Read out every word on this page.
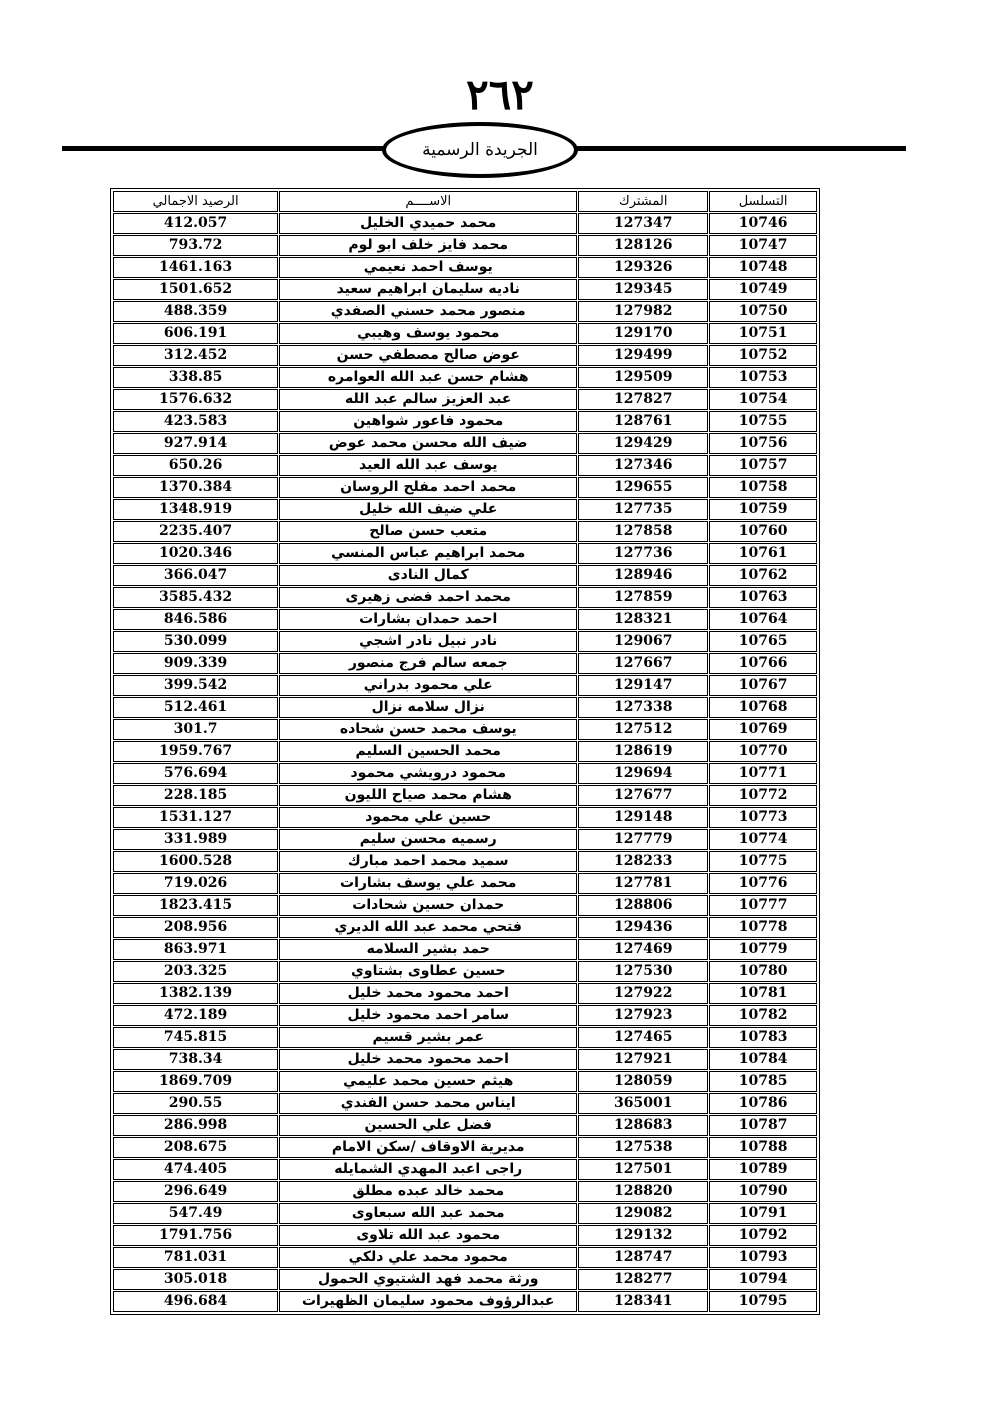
٢٦٢
الجريدة الرسمية
الرصيد الاجمالي	الاســــم	المشترك	التسلسل
412.057	محمد حميدي الخليل	127347	10746
793.72	محمد فايز خلف ابو لوم	128126	10747
1461.163	يوسف احمد نعيمي	129326	10748
1501.652	ناديه سليمان ابراهيم سعيد	129345	10749
488.359	منصور محمد حسني الصفدي	127982	10750
606.191	محمود يوسف وهيبي	129170	10751
312.452	عوض صالح مصطفي حسن	129499	10752
338.85	هشام حسن عبد الله العوامره	129509	10753
1576.632	عبد العزيز سالم عبد الله	127827	10754
423.583	محمود فاعور شواهين	128761	10755
927.914	ضيف الله محسن محمد عوض	129429	10756
650.26	يوسف عبد الله العيد	127346	10757
1370.384	محمد احمد مفلح الروسان	129655	10758
1348.919	علي ضيف الله خليل	127735	10759
2235.407	متعب حسن صالح	127858	10760
1020.346	محمد ابراهيم عباس المنسي	127736	10761
366.047	كمال النادى	128946	10762
3585.432	محمد احمد فضى زهيرى	127859	10763
846.586	احمد حمدان بشارات	128321	10764
530.099	نادر نبيل نادر اشجي	129067	10765
909.339	جمعه سالم فرج منصور	127667	10766
399.542	علي محمود بدراني	129147	10767
512.461	نزال سلامه نزال	127338	10768
301.7	يوسف محمد حسن شحاده	127512	10769
1959.767	محمد الحسين السليم	128619	10770
576.694	محمود درويشي محمود	129694	10771
228.185	هشام محمد صياح الليون	127677	10772
1531.127	حسين علي محمود	129148	10773
331.989	رسميه محسن سليم	127779	10774
1600.528	سميد محمد احمد مبارك	128233	10775
719.026	محمد علي يوسف بشارات	127781	10776
1823.415	حمدان حسين شحادات	128806	10777
208.956	فتحي محمد عبد الله الديري	129436	10778
863.971	حمد بشير السلامه	127469	10779
203.325	حسين عطاوى بشتاوي	127530	10780
1382.139	احمد محمود محمد خليل	127922	10781
472.189	سامر احمد محمود خليل	127923	10782
745.815	عمر بشير قسيم	127465	10783
738.34	احمد محمود محمد خليل	127921	10784
1869.709	هيثم حسين محمد عليمي	128059	10785
290.55	ايناس محمد حسن الفندي	365001	10786
286.998	فضل علي الحسين	128683	10787
208.675	مديرية الاوقاف /سكن الامام	127538	10788
474.405	راجى اعبد المهدي الشمايله	127501	10789
296.649	محمد خالد عبده مطلق	128820	10790
547.49	محمد عبد الله سبعاوى	129082	10791
1791.756	محمود عبد الله تلاوى	129132	10792
781.031	محمود محمد علي دلكي	128747	10793
305.018	ورثة محمد فهد الشتيوي الحمول	128277	10794
496.684	عبدالرؤوف محمود سليمان الظهيرات	128341	10795
